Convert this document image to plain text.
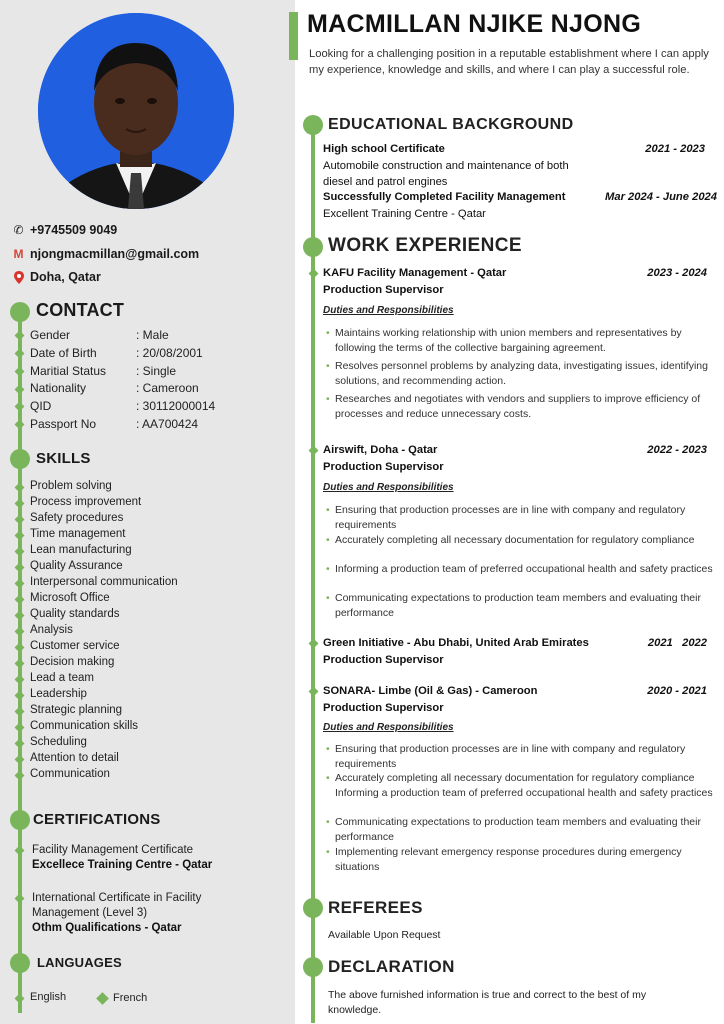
✆ +9745509 9049
M njongmacmillan@gmail.com
Doha, Qatar
CONTACT
Gender	: Male
Date of Birth	: 20/08/2001
Maritial Status	: Single
Nationality	: Cameroon
QID	: 30112000014
Passport No	: AA700424
SKILLS
Problem solving
Process improvement
Safety procedures
Time management
Lean manufacturing
Quality Assurance
Interpersonal communication
Microsoft Office
Quality standards
Analysis
Customer service
Decision making
Lead a team
Leadership
Strategic planning
Communication skills
Scheduling
Attention to detail
Communication
CERTIFICATIONS
Facility Management Certificate
Excellece Training Centre - Qatar
International Certificate in Facility
Management (Level 3)
Othm Qualifications - Qatar
LANGUAGES
English	French
MACMILLAN NJIKE NJONG
Looking for a challenging position in a reputable establishment where I can apply my experience, knowledge and skills, and where I can play a successful role.
EDUCATIONAL BACKGROUND
High school Certificate	2021 - 2023
Automobile construction and maintenance of both
diesel and patrol engines
Successfully Completed Facility Management	Mar 2024 - June 2024
Excellent Training Centre - Qatar
WORK EXPERIENCE
KAFU Facility Management - Qatar	2023 - 2024
Production Supervisor
Duties and Responsibilities
• Maintains working relationship with union members and representatives by following the terms of the collective bargaining agreement.
• Resolves personnel problems by analyzing data, investigating issues, identifying solutions, and recommending action.
• Researches and negotiates with vendors and suppliers to improve efficiency of processes and reduce unnecessary costs.
Airswift, Doha - Qatar	2022 - 2023
Production Supervisor
Duties and Responsibilities
• Ensuring that production processes are in line with company and regulatory requirements
• Accurately completing all necessary documentation for regulatory compliance
• Informing a production team of preferred occupational health and safety practices
• Communicating expectations to production team members and evaluating their performance
Green Initiative - Abu Dhabi, United Arab Emirates	2021   2022
Production Supervisor
SONARA- Limbe (Oil & Gas) - Cameroon	2020 - 2021
Production Supervisor
Duties and Responsibilities
• Ensuring that production processes are in line with company and regulatory requirements
• Accurately completing all necessary documentation for regulatory compliance Informing a production team of preferred occupational health and safety practices
• Communicating expectations to production team members and evaluating their performance
• Implementing relevant emergency response procedures during emergency situations
REFEREES
Available Upon Request
DECLARATION
The above furnished information is true and correct to the best of my knowledge.
